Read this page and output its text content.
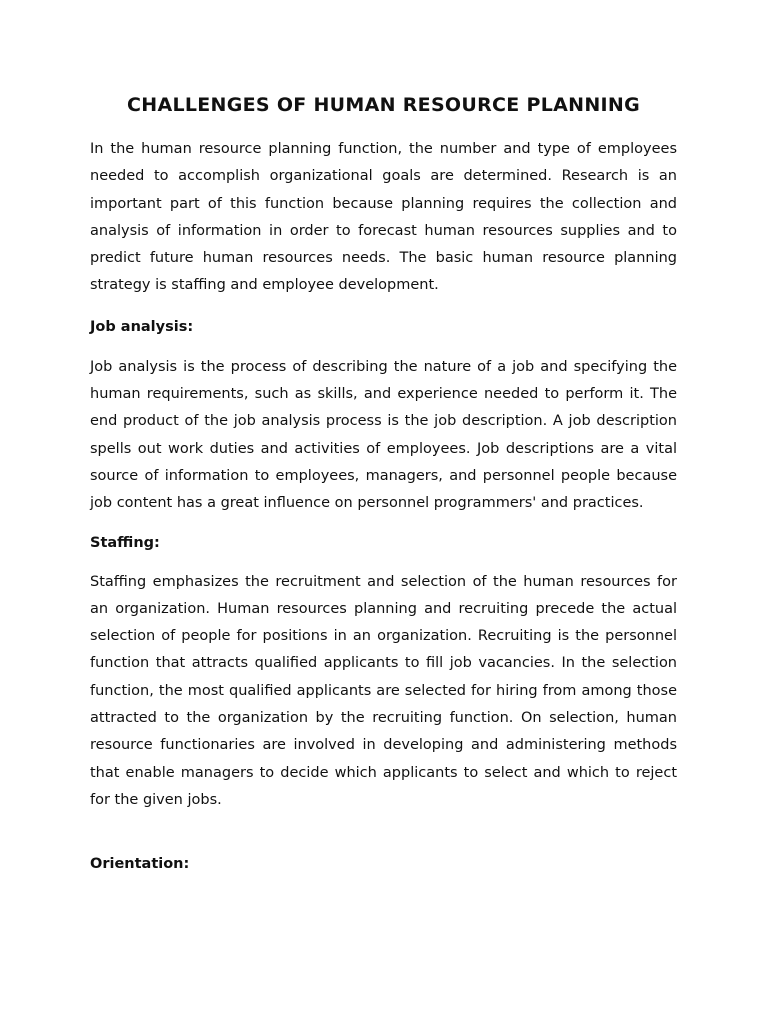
CHALLENGES OF HUMAN RESOURCE PLANNING

In the human resource planning function, the number and type of employees needed to accomplish organizational goals are determined. Research is an important part of this function because planning requires the collection and analysis of information in order to forecast human resources supplies and to predict future human resources needs. The basic human resource planning strategy is staffing and employee development.

Job analysis:

Job analysis is the process of describing the nature of a job and specifying the human requirements, such as skills, and experience needed to perform it. The end product of the job analysis process is the job description. A job description spells out work duties and activities of employees. Job descriptions are a vital source of information to employees, managers, and personnel people because job content has a great influence on personnel programmers' and practices.

Staffing:

Staffing emphasizes the recruitment and selection of the human resources for an organization. Human resources planning and recruiting precede the actual selection of people for positions in an organization. Recruiting is the personnel function that attracts qualified applicants to fill job vacancies. In the selection function, the most qualified applicants are selected for hiring from among those attracted to the organization by the recruiting function. On selection, human resource functionaries are involved in developing and administering methods that enable managers to decide which applicants to select and which to reject for the given jobs.

Orientation:
